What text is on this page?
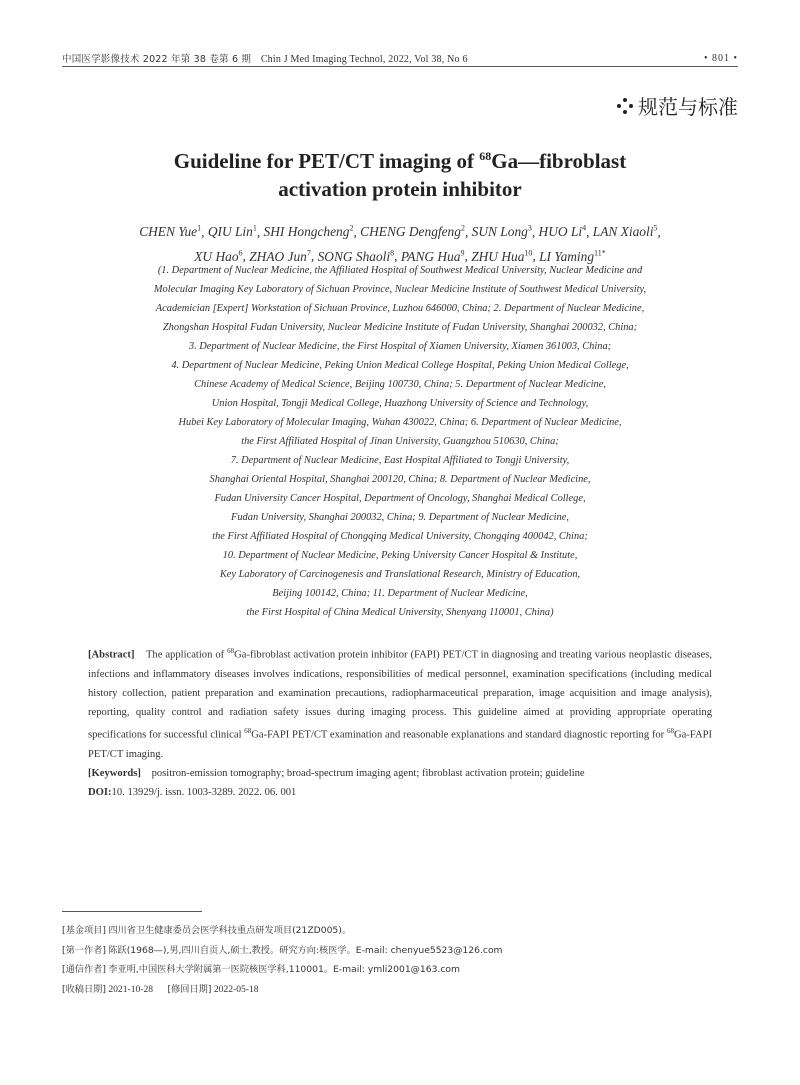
中国医学影像技术 2022 年第 38 卷第 6 期 Chin J Med Imaging Technol, 2022, Vol 38, No 6	• 801 •
规范与标准
Guideline for PET/CT imaging of $^{68}$Ga—fibroblast
activation protein inhibitor
CHEN Yue$^1$, QIU Lin$^1$, SHI Hongcheng$^2$, CHENG Dengfeng$^2$, SUN Long$^3$, HUO Li$^4$, LAN Xiaoli$^5$,
XU Hao$^6$, ZHAO Jun$^7$, SONG Shaoli$^8$, PANG Hua$^9$, ZHU Hua$^{10}$, LI Yaming$^{11*}$
(1. Department of Nuclear Medicine, the Affiliated Hospital of Southwest Medical University, Nuclear Medicine and
Molecular Imaging Key Laboratory of Sichuan Province, Nuclear Medicine Institute of Southwest Medical University,
Academician [Expert] Workstation of Sichuan Province, Luzhou 646000, China; 2. Department of Nuclear Medicine,
Zhongshan Hospital Fudan University, Nuclear Medicine Institute of Fudan University, Shanghai 200032, China;
3. Department of Nuclear Medicine, the First Hospital of Xiamen University, Xiamen 361003, China;
4. Department of Nuclear Medicine, Peking Union Medical College Hospital, Peking Union Medical College,
Chinese Academy of Medical Science, Beijing 100730, China; 5. Department of Nuclear Medicine,
Union Hospital, Tongji Medical College, Huazhong University of Science and Technology,
Hubei Key Laboratory of Molecular Imaging, Wuhan 430022, China; 6. Department of Nuclear Medicine,
the First Affiliated Hospital of Jinan University, Guangzhou 510630, China;
7. Department of Nuclear Medicine, East Hospital Affiliated to Tongji University,
Shanghai Oriental Hospital, Shanghai 200120, China; 8. Department of Nuclear Medicine,
Fudan University Cancer Hospital, Department of Oncology, Shanghai Medical College,
Fudan University, Shanghai 200032, China; 9. Department of Nuclear Medicine,
the First Affiliated Hospital of Chongqing Medical University, Chongqing 400042, China;
10. Department of Nuclear Medicine, Peking University Cancer Hospital & Institute,
Key Laboratory of Carcinogenesis and Translational Research, Ministry of Education,
Beijing 100142, China; 11. Department of Nuclear Medicine,
the First Hospital of China Medical University, Shenyang 110001, China)
[Abstract] The application of $^{68}$Ga-fibroblast activation protein inhibitor (FAPI) PET/CT in diagnosing and treating various neoplastic diseases, infections and inflammatory diseases involves indications, responsibilities of medical personnel, examination specifications (including medical history collection, patient preparation and examination precautions, radiopharmaceutical preparation, image acquisition and image analysis), reporting, quality control and radiation safety issues during imaging process. This guideline aimed at providing appropriate operating specifications for successful clinical $^{68}$Ga-FAPI PET/CT examination and reasonable explanations and standard diagnostic reporting for $^{68}$Ga-FAPI PET/CT imaging.
[Keywords] positron-emission tomography; broad-spectrum imaging agent; fibroblast activation protein; guideline
DOI:10. 13929/j. issn. 1003-3289. 2022. 06. 001
[基金项目] 四川省卫生健康委员会医学科技重点研发项目(21ZD005)。
[第一作者] 陈跃(1968—),男,四川自贡人,硕士,教授。研究方向:核医学。E-mail: chenyue5523@126.com
[通信作者] 李亚明,中国医科大学附属第一医院核医学科,110001。E-mail: ymli2001@163.com
[收稿日期] 2021-10-28 [修回日期] 2022-05-18
